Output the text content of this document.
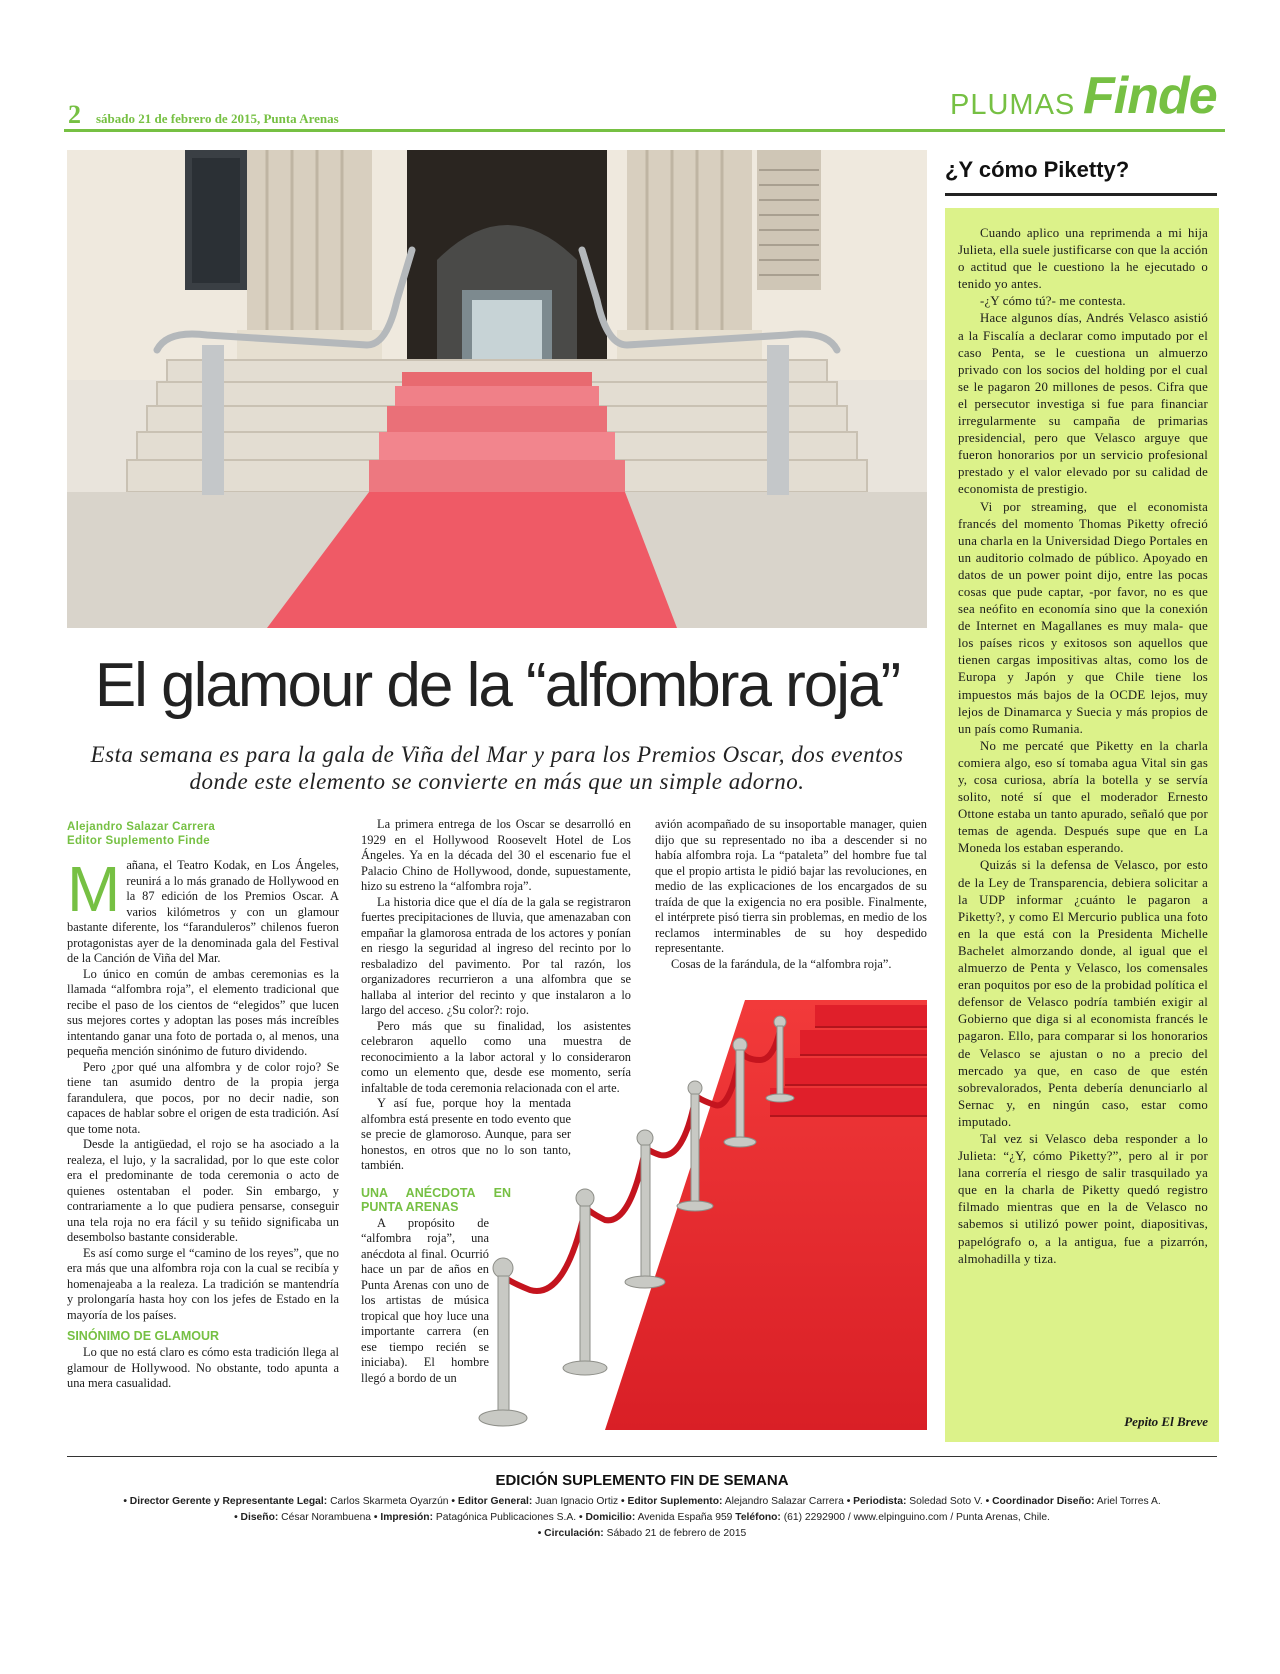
2 sábado 21 de febrero de 2015, Punta Arenas	PLUMAS Finde
El glamour de la “alfombra roja”
Esta semana es para la gala de Viña del Mar y para los Premios Oscar, dos eventos donde este elemento se convierte en más que un simple adorno.
Alejandro Salazar Carrera
Editor Suplemento Finde

Mañana, el Teatro Kodak, en Los Ángeles, reunirá a lo más granado de Hollywood en la 87 edición de los Premios Oscar. A varios kilómetros y con un glamour bastante diferente, los “faranduleros” chilenos fueron protagonistas ayer de la denominada gala del Festival de la Canción de Viña del Mar.

Lo único en común de ambas ceremonias es la llamada “alfombra roja”, el elemento tradicional que recibe el paso de los cientos de “elegidos” que lucen sus mejores cortes y adoptan las poses más increíbles intentando ganar una foto de portada o, al menos, una pequeña mención sinónimo de futuro dividendo.

Pero ¿por qué una alfombra y de color rojo? Se tiene tan asumido dentro de la propia jerga farandulera, que pocos, por no decir nadie, son capaces de hablar sobre el origen de esta tradición. Así que tome nota.

Desde la antigüedad, el rojo se ha asociado a la realeza, el lujo, y la sacralidad, por lo que este color era el predominante de toda ceremonia o acto de quienes ostentaban el poder. Sin embargo, y contrariamente a lo que pudiera pensarse, conseguir una tela roja no era fácil y su teñido significaba un desembolso bastante considerable.

Es así como surge el “camino de los reyes”, que no era más que una alfombra roja con la cual se recibía y homenajeaba a la realeza. La tradición se mantendría y prolongaría hasta hoy con los jefes de Estado en la mayoría de los países.

SINÓNIMO DE GLAMOUR

Lo que no está claro es cómo esta tradición llega al glamour de Hollywood. No obstante, todo apunta a una mera casualidad.

La primera entrega de los Oscar se desarrolló en 1929 en el Hollywood Roosevelt Hotel de Los Ángeles. Ya en la década del 30 el escenario fue el Palacio Chino de Hollywood, donde, supuestamente, hizo su estreno la “alfombra roja”.

La historia dice que el día de la gala se registraron fuertes precipitaciones de lluvia, que amenazaban con empañar la glamorosa entrada de los actores y ponían en riesgo la seguridad al ingreso del recinto por lo resbaladizo del pavimento. Por tal razón, los organizadores recurrieron a una alfombra que se hallaba al interior del recinto y que instalaron a lo largo del acceso. ¿Su color?: rojo.

Pero más que su finalidad, los asistentes celebraron aquello como una muestra de reconocimiento a la labor actoral y lo consideraron como un elemento que, desde ese momento, sería infaltable de toda ceremonia relacionada con el arte.

Y así fue, porque hoy la mentada alfombra está presente en todo evento que se precie de glamoroso. Aunque, para ser honestos, en otros que no lo son tanto, también.

UNA ANÉCDOTA EN PUNTA ARENAS

A propósito de “alfombra roja”, una anécdota al final. Ocurrió hace un par de años en Punta Arenas con uno de los artistas de música tropical que hoy luce una importante carrera (en ese tiempo recién se iniciaba). El hombre llegó a bordo de un

avión acompañado de su insoportable manager, quien dijo que su representado no iba a descender si no había alfombra roja. La “pataleta” del hombre fue tal que el propio artista le pidió bajar las revoluciones, en medio de las explicaciones de los encargados de su traída de que la exigencia no era posible. Finalmente, el intérprete pisó tierra sin problemas, en medio de los reclamos interminables de su hoy despedido representante.

Cosas de la farándula, de la “alfombra roja”.

¿Y cómo Piketty?

Cuando aplico una reprimenda a mi hija Julieta, ella suele justificarse con que la acción o actitud que le cuestiono la he ejecutado o tenido yo antes.

-¿Y cómo tú?- me contesta.

Hace algunos días, Andrés Velasco asistió a la Fiscalía a declarar como imputado por el caso Penta, se le cuestiona un almuerzo privado con los socios del holding por el cual se le pagaron 20 millones de pesos. Cifra que el persecutor investiga si fue para financiar irregularmente su campaña de primarias presidencial, pero que Velasco arguye que fueron honorarios por un servicio profesional prestado y el valor elevado por su calidad de economista de prestigio.

Vi por streaming, que el economista francés del momento Thomas Piketty ofreció una charla en la Universidad Diego Portales en un auditorio colmado de público. Apoyado en datos de un power point dijo, entre las pocas cosas que pude captar, -por favor, no es que sea neófito en economía sino que la conexión de Internet en Magallanes es muy mala- que los países ricos y exitosos son aquellos que tienen cargas impositivas altas, como los de Europa y Japón y que Chile tiene los impuestos más bajos de la OCDE lejos, muy lejos de Dinamarca y Suecia y más propios de un país como Rumania.

No me percaté que Piketty en la charla comiera algo, eso sí tomaba agua Vital sin gas y, cosa curiosa, abría la botella y se servía solito, noté sí que el moderador Ernesto Ottone estaba un tanto apurado, señaló que por temas de agenda. Después supe que en La Moneda los estaban esperando.

Quizás si la defensa de Velasco, por esto de la Ley de Transparencia, debiera solicitar a la UDP informar ¿cuánto le pagaron a Piketty?, y como El Mercurio publica una foto en la que está con la Presidenta Michelle Bachelet almorzando donde, al igual que el almuerzo de Penta y Velasco, los comensales eran poquitos por eso de la probidad política el defensor de Velasco podría también exigir al Gobierno que diga si al economista francés le pagaron. Ello, para comparar si los honorarios de Velasco se ajustan o no a precio del mercado ya que, en caso de que estén sobrevalorados, Penta debería denunciarlo al Sernac y, en ningún caso, estar como imputado.

Tal vez si Velasco deba responder a lo Julieta: “¿Y, cómo Piketty?”, pero al ir por lana correría el riesgo de salir trasquilado ya que en la charla de Piketty quedó registro filmado mientras que en la de Velasco no sabemos si utilizó power point, diapositivas, papelógrafo o, a la antigua, fue a pizarrón, almohadilla y tiza.

Pepito El Breve
EDICIÓN SUPLEMENTO FIN DE SEMANA
• Director Gerente y Representante Legal: Carlos Skarmeta Oyarzún • Editor General: Juan Ignacio Ortiz • Editor Suplemento: Alejandro Salazar Carrera • Periodista: Soledad Soto V. • Coordinador Diseño: Ariel Torres A.
• Diseño: César Norambuena • Impresión: Patagónica Publicaciones S.A. • Domicilio: Avenida España 959 Teléfono: (61) 2292900 / www.elpinguino.com / Punta Arenas, Chile.
• Circulación: Sábado 21 de febrero de 2015
